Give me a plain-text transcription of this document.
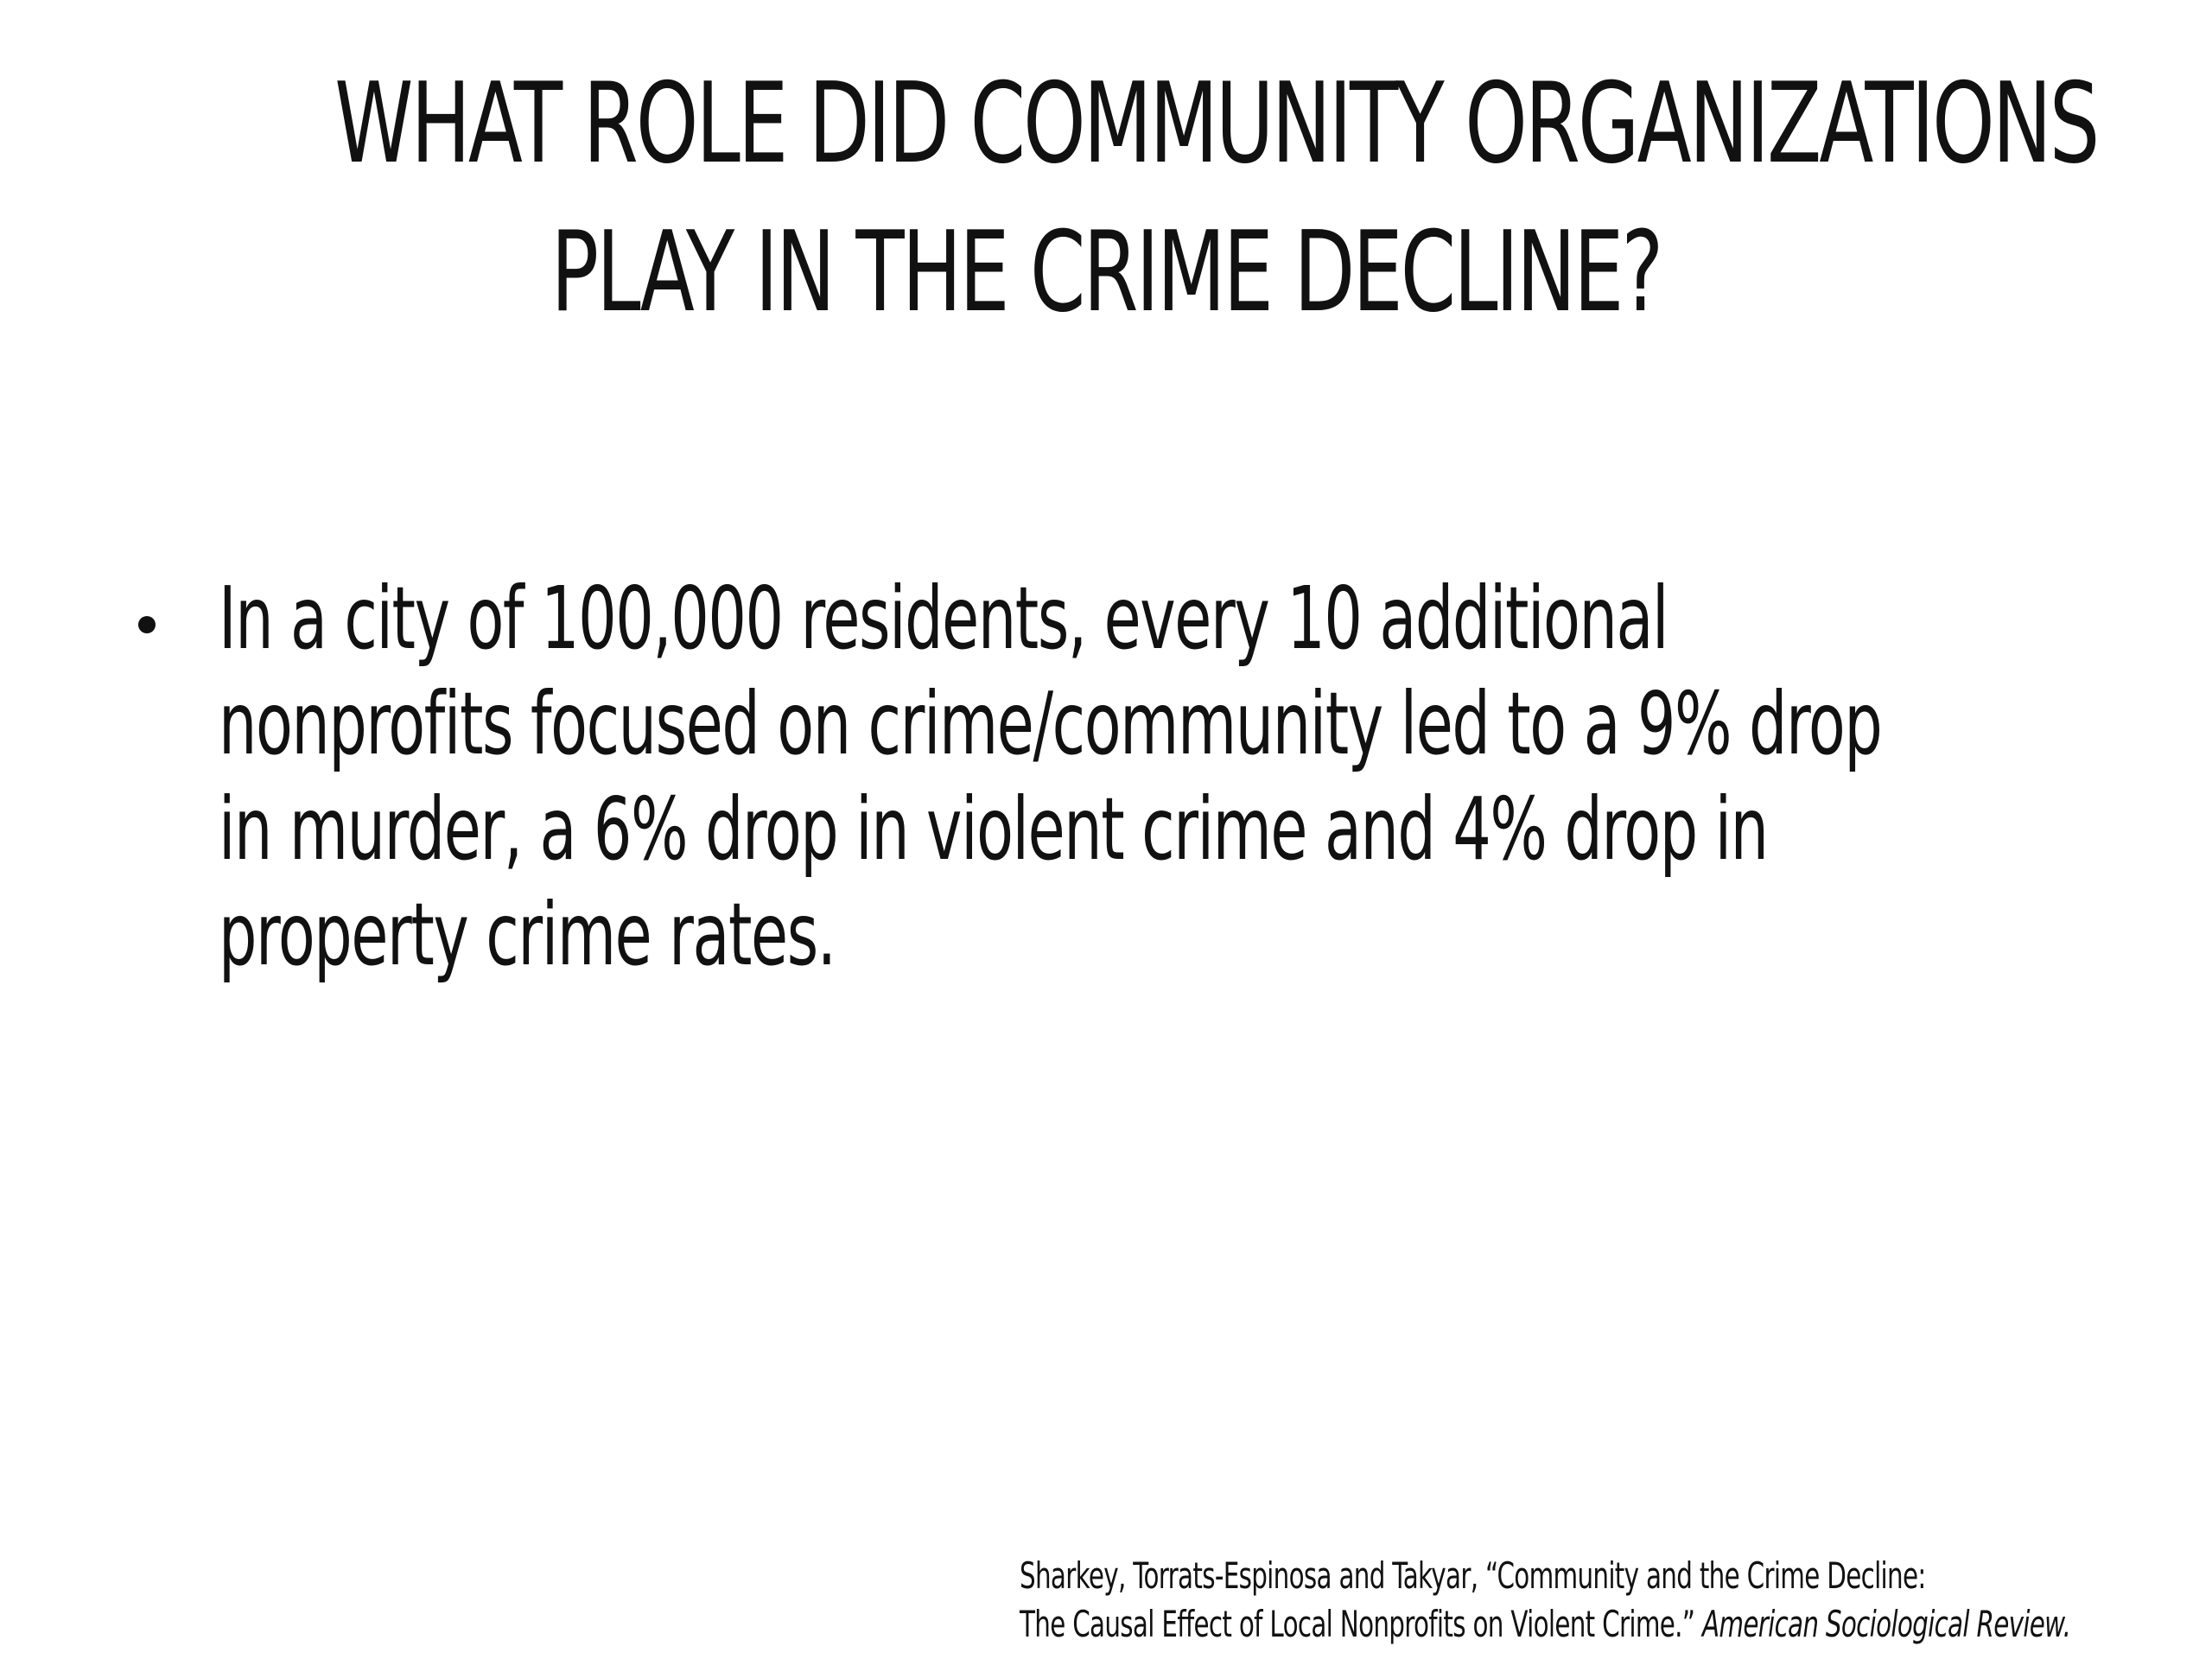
WHAT ROLE DID COMMUNITY ORGANIZATIONS
PLAY IN THE CRIME DECLINE?
In a city of 100,000 residents, every 10 additional
nonprofits focused on crime/community led to a 9% drop
in murder, a 6% drop in violent crime and 4% drop in
property crime rates.
Sharkey, Torrats-Espinosa and Takyar, “Community and the Crime Decline:
The Causal Effect of Local Nonprofits on Violent Crime.” American Sociological Review.
